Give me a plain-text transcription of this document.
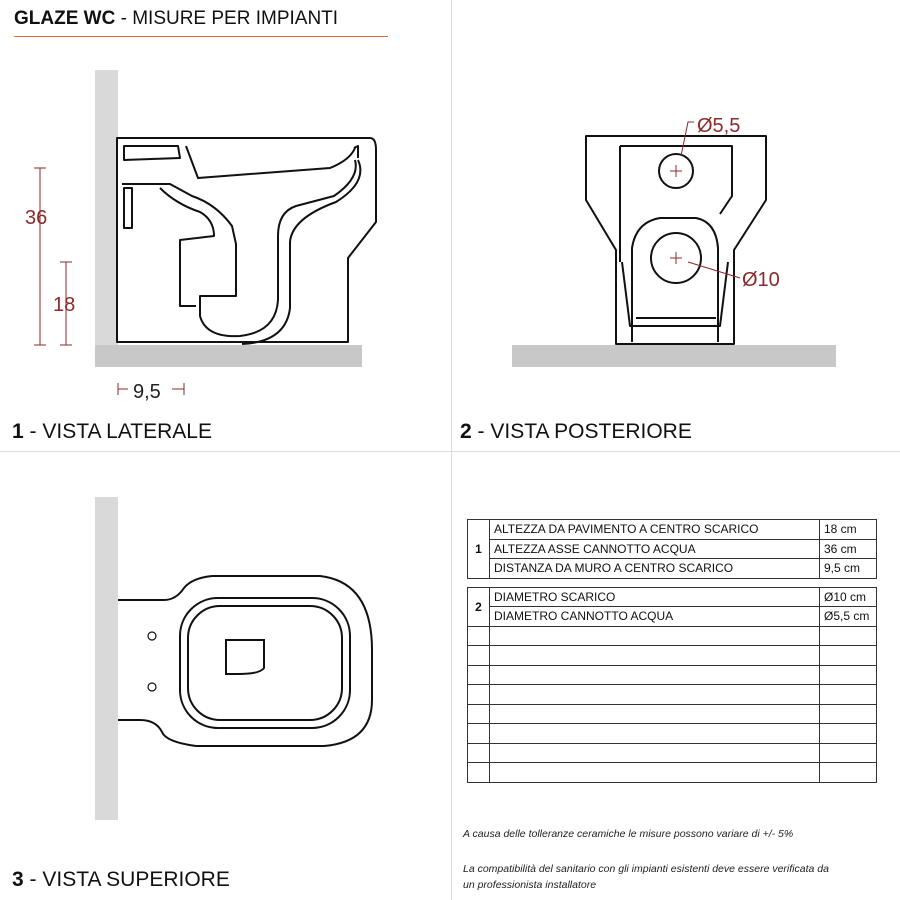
GLAZE WC - MISURE PER IMPIANTI
36
18
9,5
Ø5,5
Ø10
1 - VISTA LATERALE	2 - VISTA POSTERIORE
3 - VISTA SUPERIORE
1	ALTEZZA DA PAVIMENTO A CENTRO SCARICO	18 cm
	ALTEZZA ASSE CANNOTTO ACQUA	36 cm
	DISTANZA DA MURO A CENTRO SCARICO	9,5 cm

2	DIAMETRO SCARICO	Ø10 cm
	DIAMETRO CANNOTTO ACQUA	Ø5,5 cm

A causa delle tolleranze ceramiche le misure possono variare di +/- 5%
La compatibilità del sanitario con gli impianti esistenti deve essere verificata da
un professionista installatore
